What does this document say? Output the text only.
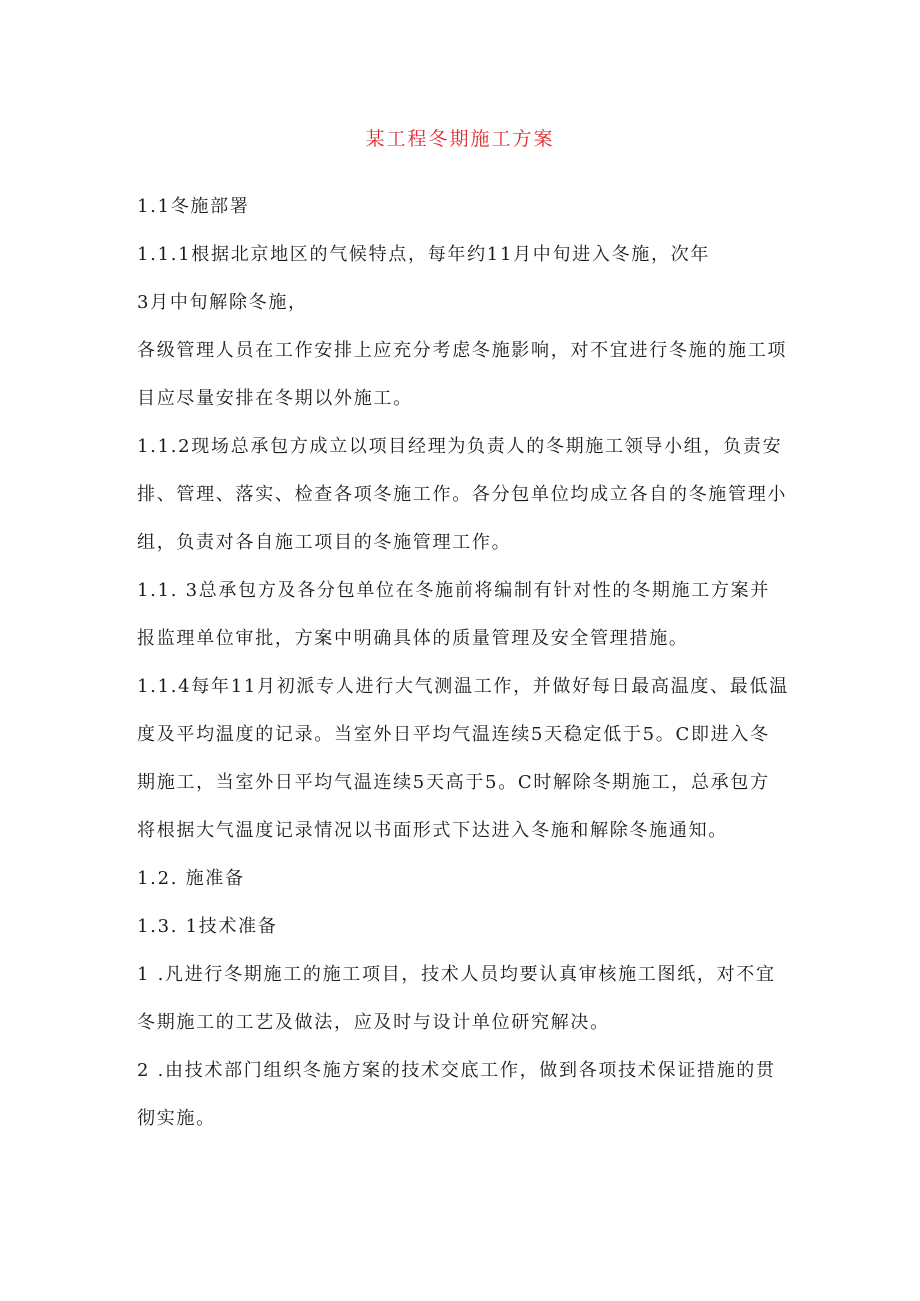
某工程冬期施工方案
1.1冬施部署
1.1.1根据北京地区的气候特点，每年约11月中旬进入冬施，次年
3月中旬解除冬施，
各级管理人员在工作安排上应充分考虑冬施影响，对不宜进行冬施的施工项
目应尽量安排在冬期以外施工。
1.1.2现场总承包方成立以项目经理为负责人的冬期施工领导小组，负责安
排、管理、落实、检查各项冬施工作。各分包单位均成立各自的冬施管理小
组，负责对各自施工项目的冬施管理工作。
1.1. 3总承包方及各分包单位在冬施前将编制有针对性的冬期施工方案并
报监理单位审批，方案中明确具体的质量管理及安全管理措施。
1.1.4每年11月初派专人进行大气测温工作，并做好每日最高温度、最低温
度及平均温度的记录。当室外日平均气温连续5天稳定低于5。C即进入冬
期施工，当室外日平均气温连续5天高于5。C时解除冬期施工，总承包方
将根据大气温度记录情况以书面形式下达进入冬施和解除冬施通知。
1.2. 施准备
1.3. 1技术准备
1 .凡进行冬期施工的施工项目，技术人员均要认真审核施工图纸，对不宜
冬期施工的工艺及做法，应及时与设计单位研究解决。
2 .由技术部门组织冬施方案的技术交底工作，做到各项技术保证措施的贯
彻实施。
